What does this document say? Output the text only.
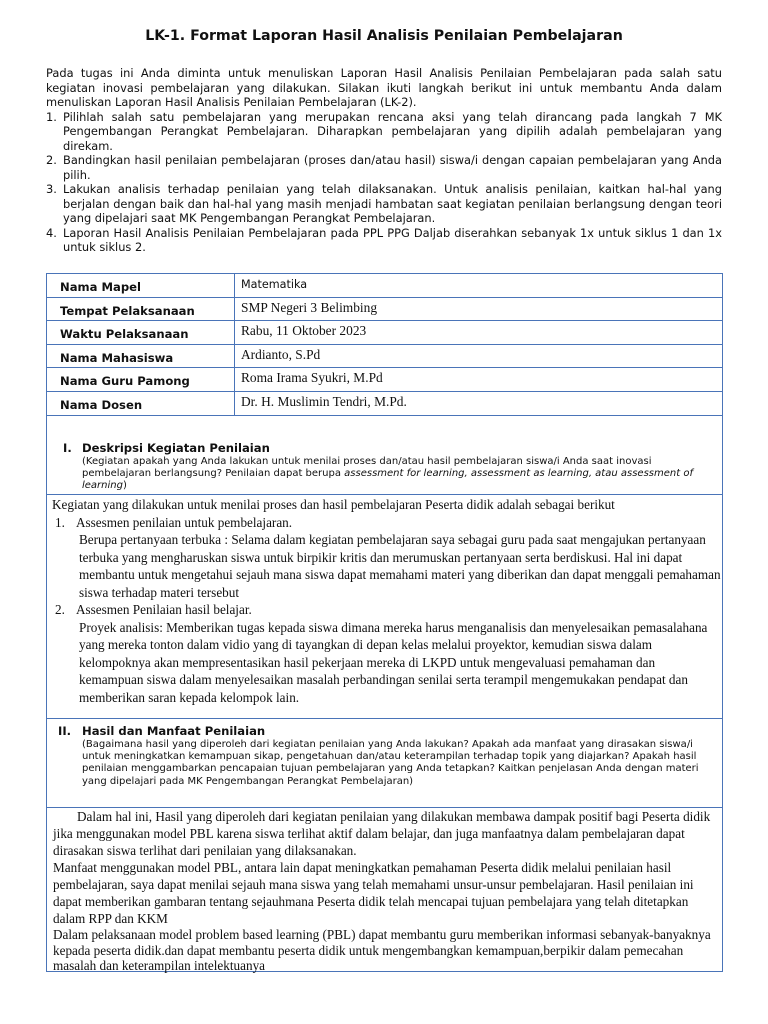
LK-1. Format Laporan Hasil Analisis Penilaian Pembelajaran

Pada tugas ini Anda diminta untuk menuliskan Laporan Hasil Analisis Penilaian Pembelajaran pada salah satu kegiatan inovasi pembelajaran yang dilakukan. Silakan ikuti langkah berikut ini untuk membantu Anda dalam menuliskan Laporan Hasil Analisis Penilaian Pembelajaran (LK-2).

1. Pilihlah salah satu pembelajaran yang merupakan rencana aksi yang telah dirancang pada langkah 7 MK Pengembangan Perangkat Pembelajaran. Diharapkan pembelajaran yang dipilih adalah pembelajaran yang direkam.
2. Bandingkan hasil penilaian pembelajaran (proses dan/atau hasil) siswa/i dengan capaian pembelajaran yang Anda pilih.
3. Lakukan analisis terhadap penilaian yang telah dilaksanakan. Untuk analisis penilaian, kaitkan hal-hal yang berjalan dengan baik dan hal-hal yang masih menjadi hambatan saat kegiatan penilaian berlangsung dengan teori yang dipelajari saat MK Pengembangan Perangkat Pembelajaran.
4. Laporan Hasil Analisis Penilaian Pembelajaran pada PPL PPG Daljab diserahkan sebanyak 1x untuk siklus 1 dan 1x untuk siklus 2.
Nama Mapel	Matematika
Tempat Pelaksanaan	SMP Negeri 3 Belimbing
Waktu Pelaksanaan	Rabu, 11 Oktober 2023
Nama Mahasiswa	Ardianto, S.Pd
Nama Guru Pamong	Roma Irama Syukri, M.Pd
Nama Dosen	Dr. H. Muslimin Tendri, M.Pd.
I. Deskripsi Kegiatan Penilaian
(Kegiatan apakah yang Anda lakukan untuk menilai proses dan/atau hasil pembelajaran siswa/i Anda saat inovasi pembelajaran berlangsung? Penilaian dapat berupa assessment for learning, assessment as learning, atau assessment of learning)
Kegiatan yang dilakukan untuk menilai proses dan hasil pembelajaran Peserta didik adalah sebagai berikut
1. Assesmen penilaian untuk pembelajaran.
Berupa pertanyaan terbuka : Selama dalam kegiatan pembelajaran saya sebagai guru pada saat mengajukan pertanyaan terbuka yang mengharuskan siswa untuk birpikir kritis dan merumuskan pertanyaan serta berdiskusi. Hal ini dapat membantu untuk mengetahui sejauh mana siswa dapat memahami materi yang diberikan dan dapat menggali pemahaman siswa terhadap materi tersebut
2. Assesmen Penilaian hasil belajar.
Proyek analisis: Memberikan tugas kepada siswa dimana mereka harus menganalisis dan menyelesaikan pemasalahana yang mereka tonton dalam vidio yang di tayangkan di depan kelas melalui proyektor, kemudian siswa dalam kelompoknya akan mempresentasikan hasil pekerjaan mereka di LKPD untuk mengevaluasi pemahaman dan kemampuan siswa dalam menyelesaikan masalah perbandingan senilai serta terampil mengemukakan pendapat dan memberikan saran kepada kelompok lain.
II. Hasil dan Manfaat Penilaian
(Bagaimana hasil yang diperoleh dari kegiatan penilaian yang Anda lakukan? Apakah ada manfaat yang dirasakan siswa/i untuk meningkatkan kemampuan sikap, pengetahuan dan/atau keterampilan terhadap topik yang diajarkan? Apakah hasil penilaian menggambarkan pencapaian tujuan pembelajaran yang Anda tetapkan? Kaitkan penjelasan Anda dengan materi yang dipelajari pada MK Pengembangan Perangkat Pembelajaran)

Dalam hal ini, Hasil yang diperoleh dari kegiatan penilaian yang dilakukan membawa dampak positif bagi Peserta didik jika menggunakan model PBL karena siswa terlihat aktif dalam belajar, dan juga manfaatnya dalam pembelajaran dapat dirasakan siswa terlihat dari penilaian yang dilaksanakan.

Manfaat menggunakan model PBL, antara lain dapat meningkatkan pemahaman Peserta didik melalui penilaian hasil pembelajaran, saya dapat menilai sejauh mana siswa yang telah memahami unsur-unsur pembelajaran. Hasil penilaian ini dapat memberikan gambaran tentang sejauhmana Peserta didik telah mencapai tujuan pembelajara yang telah ditetapkan dalam RPP dan KKM

Dalam pelaksanaan model problem based learning (PBL) dapat membantu guru memberikan informasi sebanyak-banyaknya kepada peserta didik.dan dapat membantu peserta didik untuk mengembangkan kemampuan,berpikir dalam pemecahan masalah dan keterampilan intelektuanya
